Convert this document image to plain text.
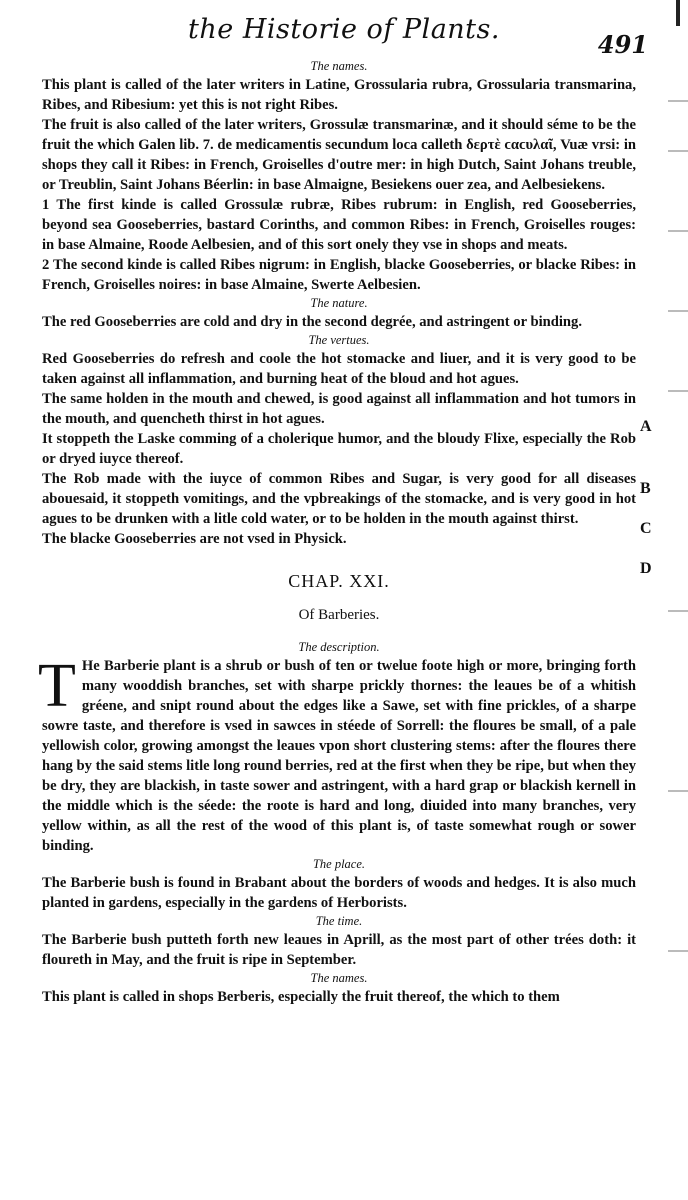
the Historie of Plants.	491
The names.

This plant is called of the later writers in Latine, Grossularia rubra, Grossularia transmarina, Ribes, and Ribesium: yet this is not right Ribes.

The fruit is also called of the later writers, Grossulæ transmarinæ, and it should séme to be the fruit the which Galen lib. 7. de medicamentis secundum loca calleth δερτὲ ϲαϲυλαῖ, Vuæ vrsi: in shops they call it Ribes: in French, Groiselles d'outre mer: in high Dutch, Saint Johans treuble, or Treublin, Saint Johans Béerlin: in base Almaigne, Besiekens ouer zea, and Aelbesiekens.

1 The first kinde is called Grossulæ rubræ, Ribes rubrum: in English, red Gooseberries, beyond sea Gooseberries, bastard Corinths, and common Ribes: in French, Groiselles rouges: in base Almaine, Roode Aelbesien, and of this sort onely they vse in shops and meats.

2 The second kinde is called Ribes nigrum: in English, blacke Gooseberries, or blacke Ribes: in French, Groiselles noires: in base Almaine, Swerte Aelbesien.

The nature.

The red Gooseberries are cold and dry in the second degrée, and astringent or binding.

The vertues.

Red Gooseberries do refresh and coole the hot stomacke and liuer, and it is very good to be taken against all inflammation, and burning heat of the bloud and hot agues.

The same holden in the mouth and chewed, is good against all inflammation and hot tumors in the mouth, and quencheth thirst in hot agues.

It stoppeth the Laske comming of a cholerique humor, and the bloudy Flixe, especially the Rob or dryed iuyce thereof.

The Rob made with the iuyce of common Ribes and Sugar, is very good for all diseases abouesaid, it stoppeth vomitings, and the vpbreakings of the stomacke, and is very good in hot agues to be drunken with a litle cold water, or to be holden in the mouth against thirst.

The blacke Gooseberries are not vsed in Physick.

CHAP. XXI.
Of Barberies.
The description.

T He Barberie plant is a shrub or bush of ten or twelue foote high or more, bringing forth many wooddish branches, set with sharpe prickly thornes: the leaues be of a whitish gréene, and snipt round about the edges like a Sawe, set with fine prickles, of a sharpe sowre taste, and therefore is vsed in sawces in stéede of Sorrell: the floures be small, of a pale yellowish color, growing amongst the leaues vpon short clustering stems: after the floures there hang by the said stems litle long round berries, red at the first when they be ripe, but when they be dry, they are blackish, in taste sower and astringent, with a hard grap or blackish kernell in the middle which is the séede: the roote is hard and long, diuided into many branches, very yellow within, as all the rest of the wood of this plant is, of taste somewhat rough or sower binding.

The place.

The Barberie bush is found in Brabant about the borders of woods and hedges. It is also much planted in gardens, especially in the gardens of Herborists.

The time.

The Barberie bush putteth forth new leaues in Aprill, as the most part of other trées doth: it floureth in May, and the fruit is ripe in September.

The names.

This plant is called in shops Berberis, especially the fruit thereof, the which to them

A
B
C
D
